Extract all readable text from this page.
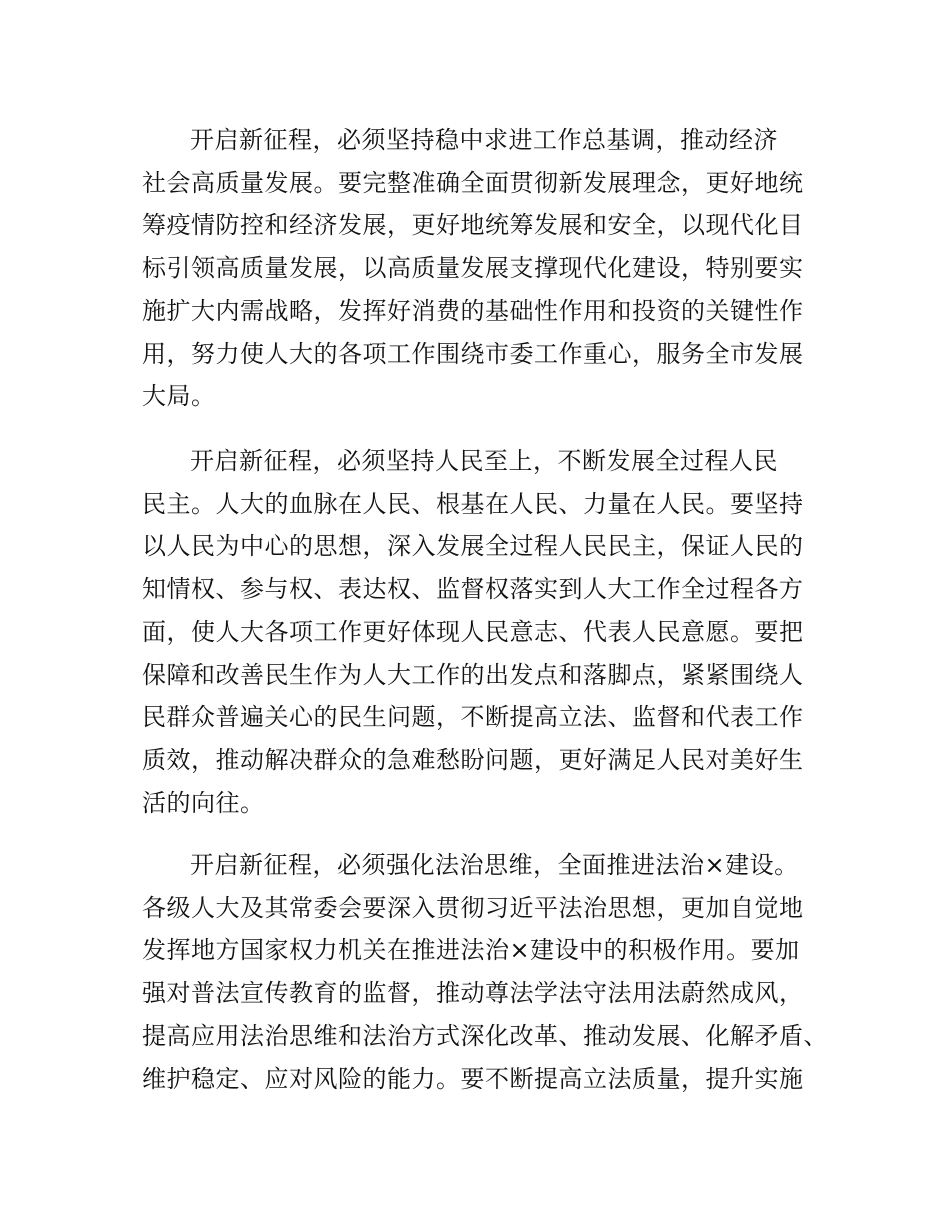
开启新征程，必须坚持稳中求进工作总基调，推动经济
社会高质量发展。要完整准确全面贯彻新发展理念，更好地统
筹疫情防控和经济发展，更好地统筹发展和安全，以现代化目
标引领高质量发展，以高质量发展支撑现代化建设，特别要实
施扩大内需战略，发挥好消费的基础性作用和投资的关键性作
用，努力使人大的各项工作围绕市委工作重心，服务全市发展
大局。
开启新征程，必须坚持人民至上，不断发展全过程人民
民主。人大的血脉在人民、根基在人民、力量在人民。要坚持
以人民为中心的思想，深入发展全过程人民民主，保证人民的
知情权、参与权、表达权、监督权落实到人大工作全过程各方
面，使人大各项工作更好体现人民意志、代表人民意愿。要把
保障和改善民生作为人大工作的出发点和落脚点，紧紧围绕人
民群众普遍关心的民生问题，不断提高立法、监督和代表工作
质效，推动解决群众的急难愁盼问题，更好满足人民对美好生
活的向往。
开启新征程，必须强化法治思维，全面推进法治×建设。
各级人大及其常委会要深入贯彻习近平法治思想，更加自觉地
发挥地方国家权力机关在推进法治×建设中的积极作用。要加
强对普法宣传教育的监督，推动尊法学法守法用法蔚然成风，
提高应用法治思维和法治方式深化改革、推动发展、化解矛盾、
维护稳定、应对风险的能力。要不断提高立法质量，提升实施
